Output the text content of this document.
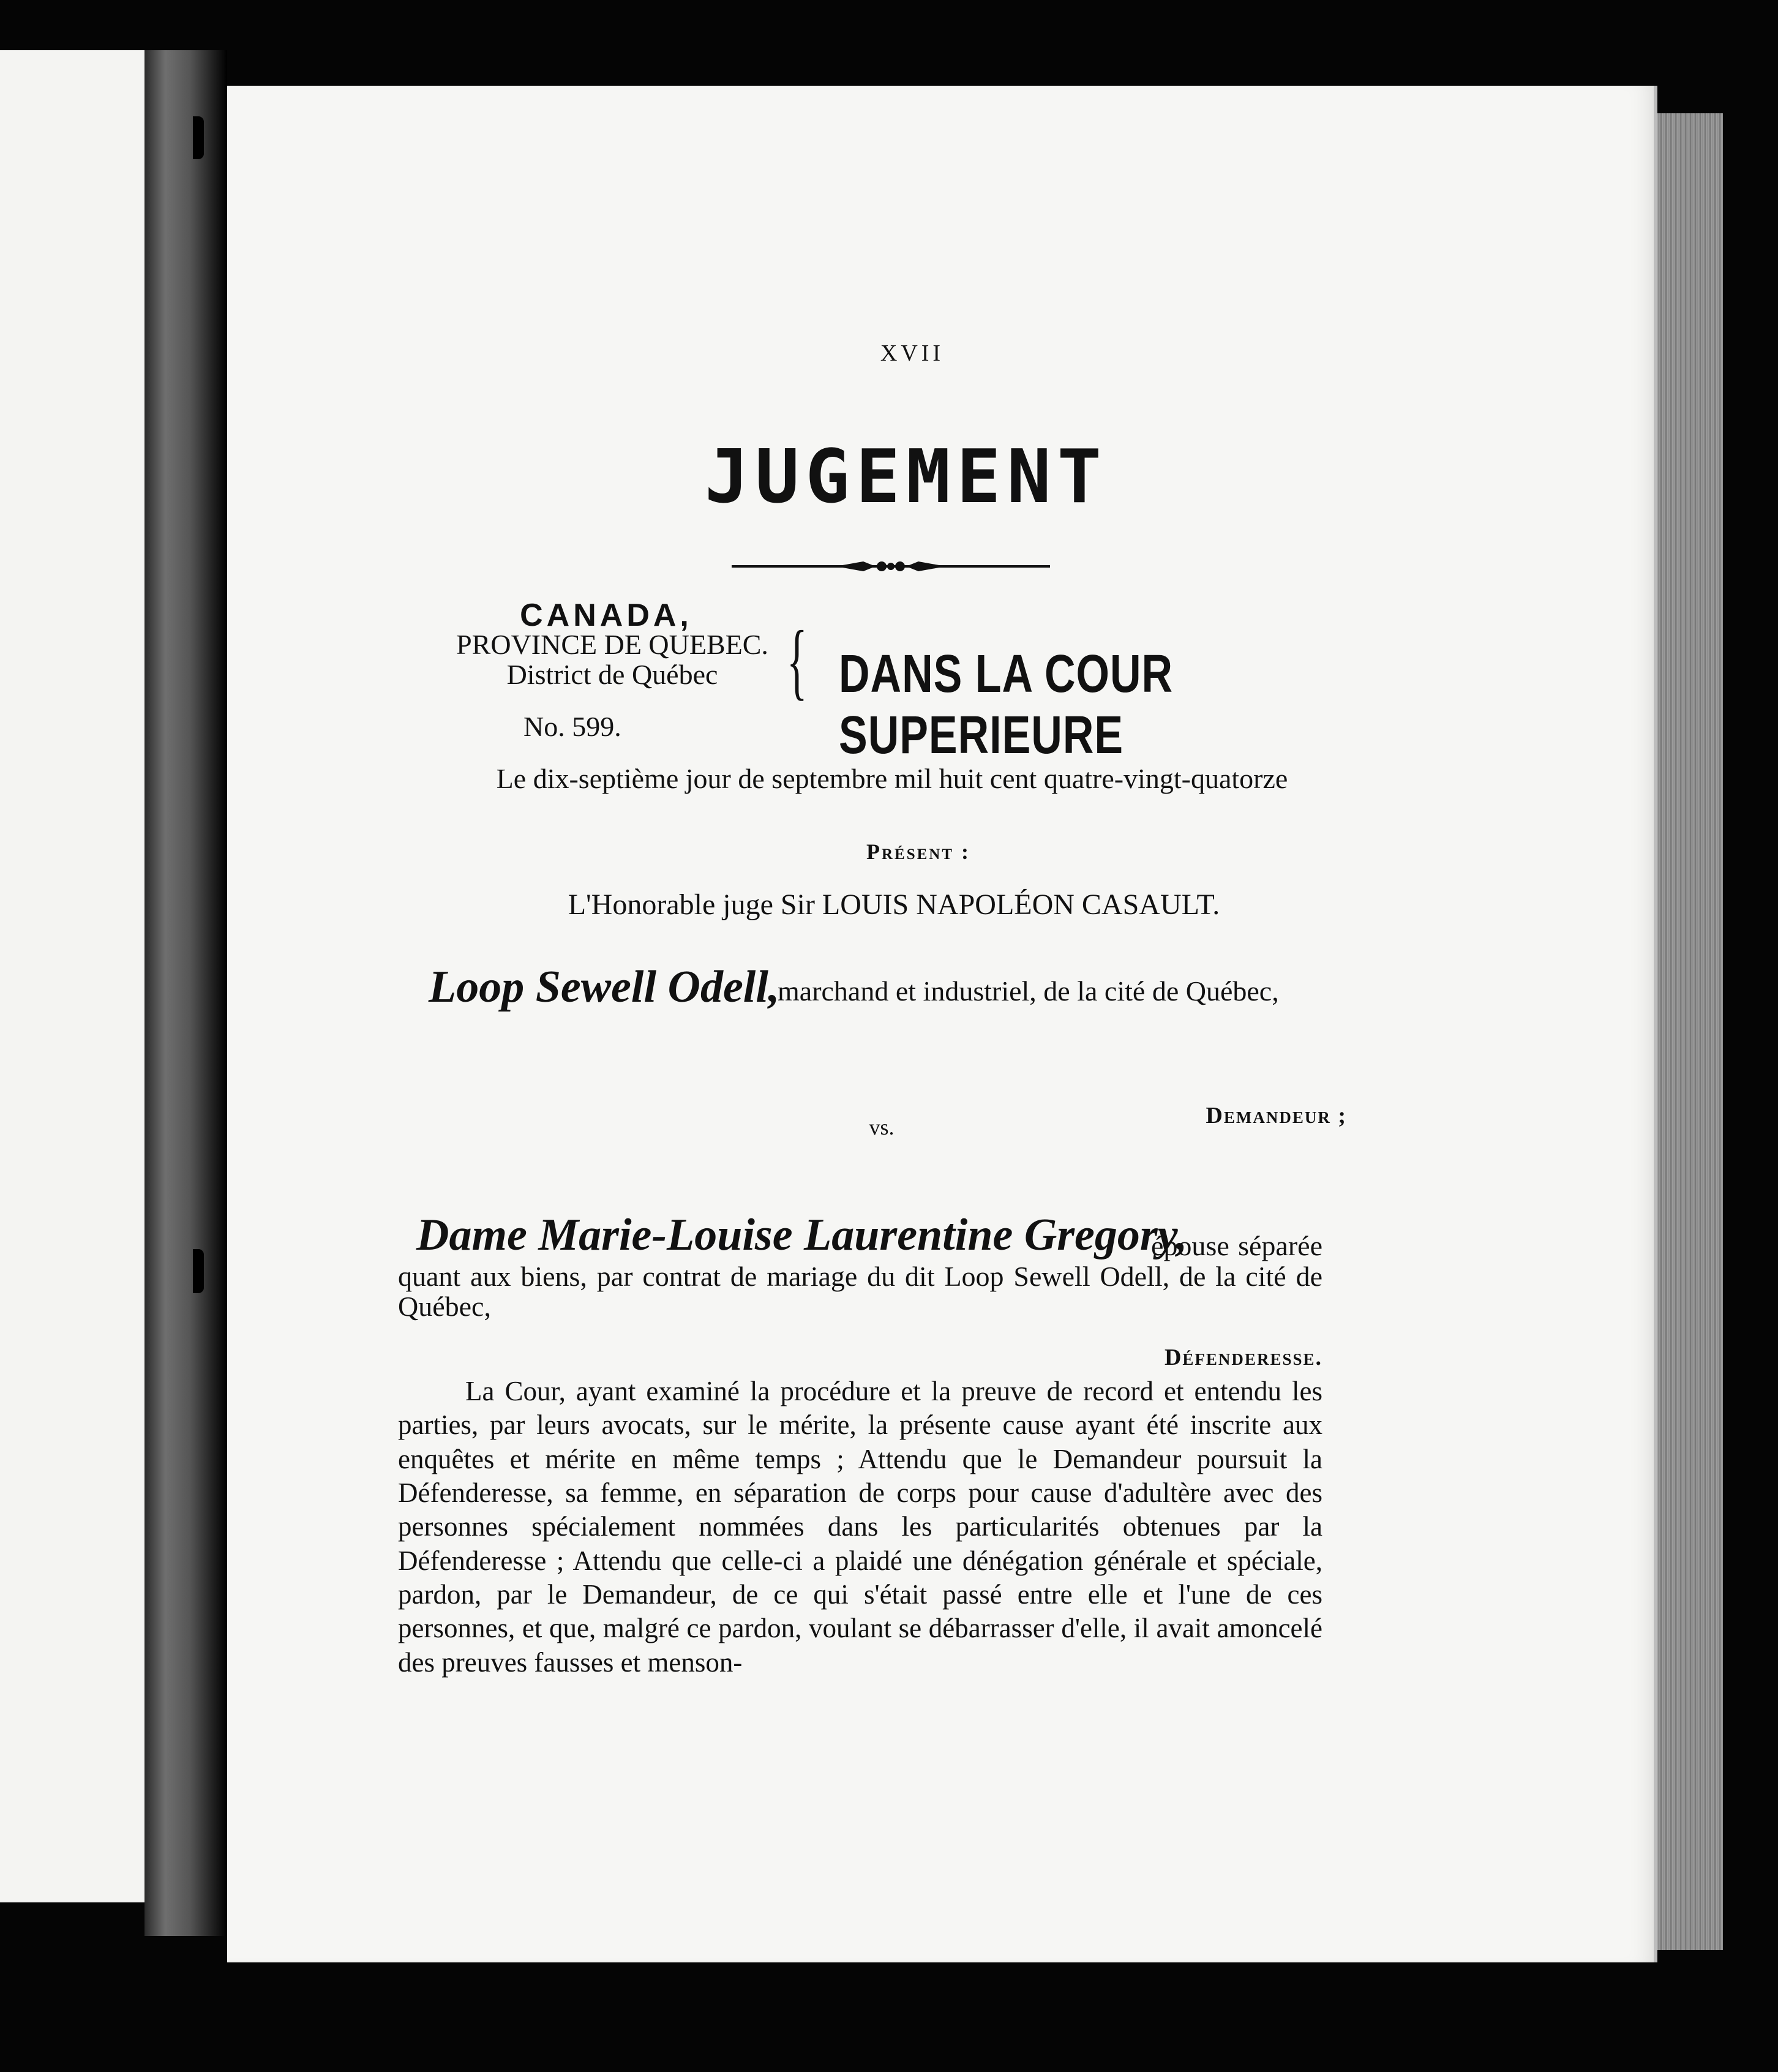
XVII
JUGEMENT
CANADA,
PROVINCE DE QUEBEC.
District de Québec { DANS LA COUR SUPERIEURE
No. 599.
Le dix-septième jour de septembre mil huit cent quatre-vingt-quatorze
Présent :
L'Honorable juge Sir LOUIS NAPOLÉON CASAULT.
Loop Sewell Odell,
marchand et industriel, de la cité de Québec,
vs.	Demandeur ;
Dame Marie-Louise Laurentine Gregory,
épouse séparée quant aux biens, par contrat de mariage du dit Loop Sewell Odell, de la cité de Québec,
Défenderesse.
La Cour, ayant examiné la procédure et la preuve de record et entendu les parties, par leurs avocats, sur le mérite, la présente cause ayant été inscrite aux enquêtes et mérite en même temps ; Attendu que le Demandeur poursuit la Défenderesse, sa femme, en séparation de corps pour cause d'adultère avec des personnes spécialement nommées dans les particularités obtenues par la Défenderesse ; Attendu que celle-ci a plaidé une dénégation générale et spéciale, pardon, par le Demandeur, de ce qui s'était passé entre elle et l'une de ces personnes, et que, malgré ce pardon, voulant se débarrasser d'elle, il avait amoncelé des preuves fausses et menson-
